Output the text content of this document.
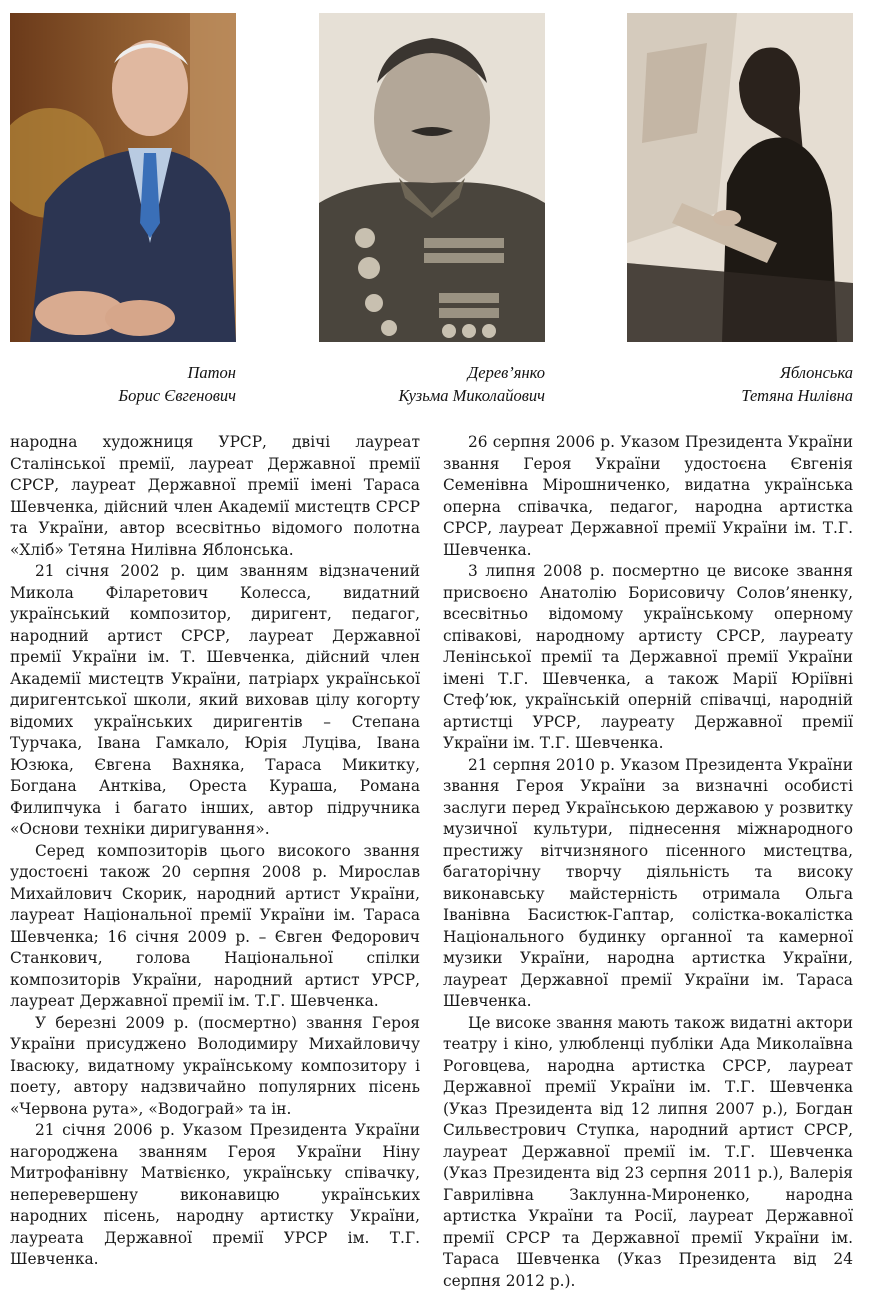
Патон
Борис Євгенович
Дерев’янко
Кузьма Миколайович
Яблонська
Тетяна Нилівна

народна художниця УРСР, двічі лауреат Сталінської премії, лауреат Державної премії СРСР, лауреат Державної премії імені Тараса Шевченка, дійсний член Академії мистецтв СРСР та України, автор всесвітньо відомого полотна «Хліб» Тетяна Нилівна Яблонська.

21 січня 2002 р. цим званням відзначений Микола Філаретович Колесса, видатний український композитор, диригент, педагог, народний артист СРСР, лауреат Державної премії України ім. Т. Шевченка, дійсний член Академії мистецтв України, патріарх української диригентської школи, який виховав цілу когорту відомих українських диригентів – Степана Турчака, Івана Гамкало, Юрія Луціва, Івана Юзюка, Євгена Вахняка, Тараса Микитку, Богдана Антківа, Ореста Кураша, Романа Филипчука і багато інших, автор підручника «Основи техніки диригування».

Серед композиторів цього високого звання удостоєні також 20 серпня 2008 р. Мирослав Михайлович Скорик, народний артист України, лауреат Національної премії України ім. Тараса Шевченка; 16 січня 2009 р. – Євген Федорович Станкович, голова Національної спілки композиторів України, народний артист УРСР, лауреат Державної премії ім. Т.Г. Шевченка.

У березні 2009 р. (посмертно) звання Героя України присуджено Володимиру Михайловичу Івасюку, видатному українському композитору і поету, автору надзвичайно популярних пісень «Червона рута», «Водограй» та ін.

21 січня 2006 р. Указом Президента України нагороджена званням Героя України Ніну Митрофанівну Матвієнко, українську співачку, неперевершену виконавицю українських народних пісень, народну артистку України, лауреата Державної премії УРСР ім. Т.Г. Шевченка.

26 серпня 2006 р. Указом Президента України звання Героя України удостоєна Євгенія Семенівна Мірошниченко, видатна українська оперна співачка, педагог, народна артистка СРСР, лауреат Державної премії України ім. Т.Г. Шевченка.

3 липня 2008 р. посмертно це високе звання присвоєно Анатолію Борисовичу Солов’яненку, всесвітньо відомому українському оперному співакові, народному артисту СРСР, лауреату Ленінської премії та Державної премії України імені Т.Г. Шевченка, а також Марії Юріївні Стеф’юк, українській оперній співачці, народній артистці УРСР, лауреату Державної премії України ім. Т.Г. Шевченка.

21 серпня 2010 р. Указом Президента України звання Героя України за визначні особисті заслуги перед Українською державою у розвитку музичної культури, піднесення міжнародного престижу вітчизняного пісенного мистецтва, багаторічну творчу діяльність та високу виконавську майстерність отримала Ольга Іванівна Басистюк-Гаптар, солістка-вокалістка Національного будинку органної та камерної музики України, народна артистка України, лауреат Державної премії України ім. Тараса Шевченка.

Це високе звання мають також видатні актори театру і кіно, улюбленці публіки Ада Миколаївна Роговцева, народна артистка СРСР, лауреат Державної премії України ім. Т.Г. Шевченка (Указ Президента від 12 липня 2007 р.), Богдан Сильвестрович Ступка, народний артист СРСР, лауреат Державної премії ім. Т.Г. Шевченка (Указ Президента від 23 серпня 2011 р.), Валерія Гаврилівна Заклунна-Мироненко, народна артистка України та Росії, лауреат Державної премії СРСР та Державної премії України ім. Тараса Шевченка (Указ Президента від 24 серпня 2012 р.).
